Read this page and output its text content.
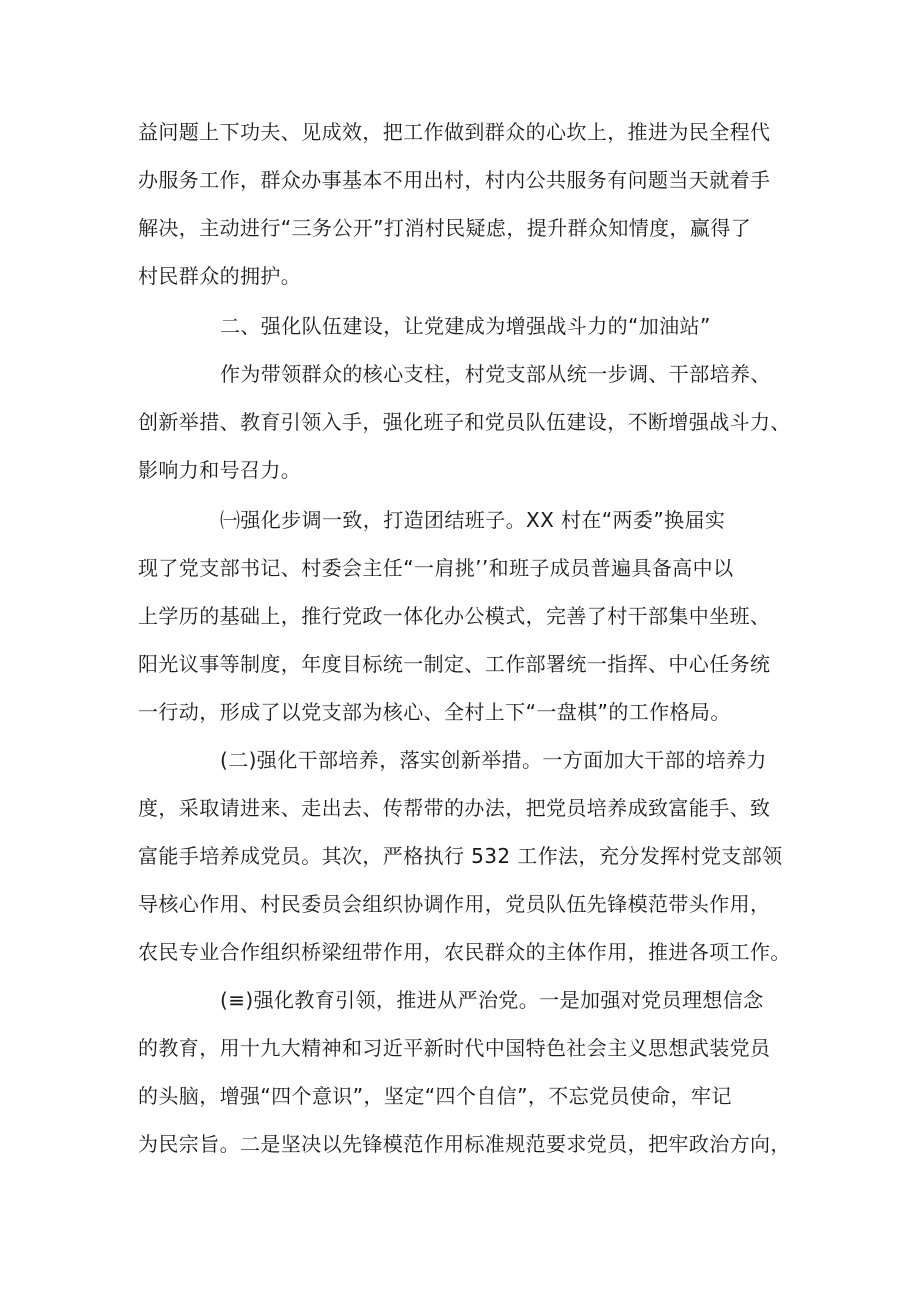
益问题上下功夫、见成效，把工作做到群众的心坎上，推进为民全程代
办服务工作，群众办事基本不用出村，村内公共服务有问题当天就着手
解决，主动进行“三务公开”打消村民疑虑，提升群众知情度，赢得了
村民群众的拥护。
二、强化队伍建设，让党建成为增强战斗力的“加油站”
作为带领群众的核心支柱，村党支部从统一步调、干部培养、
创新举措、教育引领入手，强化班子和党员队伍建设，不断增强战斗力、
影响力和号召力。
㈠强化步调一致，打造团结班子。XX 村在“两委”换届实
现了党支部书记、村委会主任“一肩挑’’和班子成员普遍具备高中以
上学历的基础上，推行党政一体化办公模式，完善了村干部集中坐班、
阳光议事等制度，年度目标统一制定、工作部署统一指挥、中心任务统
一行动，形成了以党支部为核心、全村上下“一盘棋”的工作格局。
(二)强化干部培养，落实创新举措。一方面加大干部的培养力
度，采取请进来、走出去、传帮带的办法，把党员培养成致富能手、致
富能手培养成党员。其次，严格执行 532 工作法，充分发挥村党支部领
导核心作用、村民委员会组织协调作用，党员队伍先锋模范带头作用，
农民专业合作组织桥梁纽带作用，农民群众的主体作用，推进各项工作。
(≡)强化教育引领，推进从严治党。一是加强对党员理想信念
的教育，用十九大精神和习近平新时代中国特色社会主义思想武装党员
的头脑，增强“四个意识”，坚定“四个自信”，不忘党员使命，牢记
为民宗旨。二是坚决以先锋模范作用标准规范要求党员，把牢政治方向，
